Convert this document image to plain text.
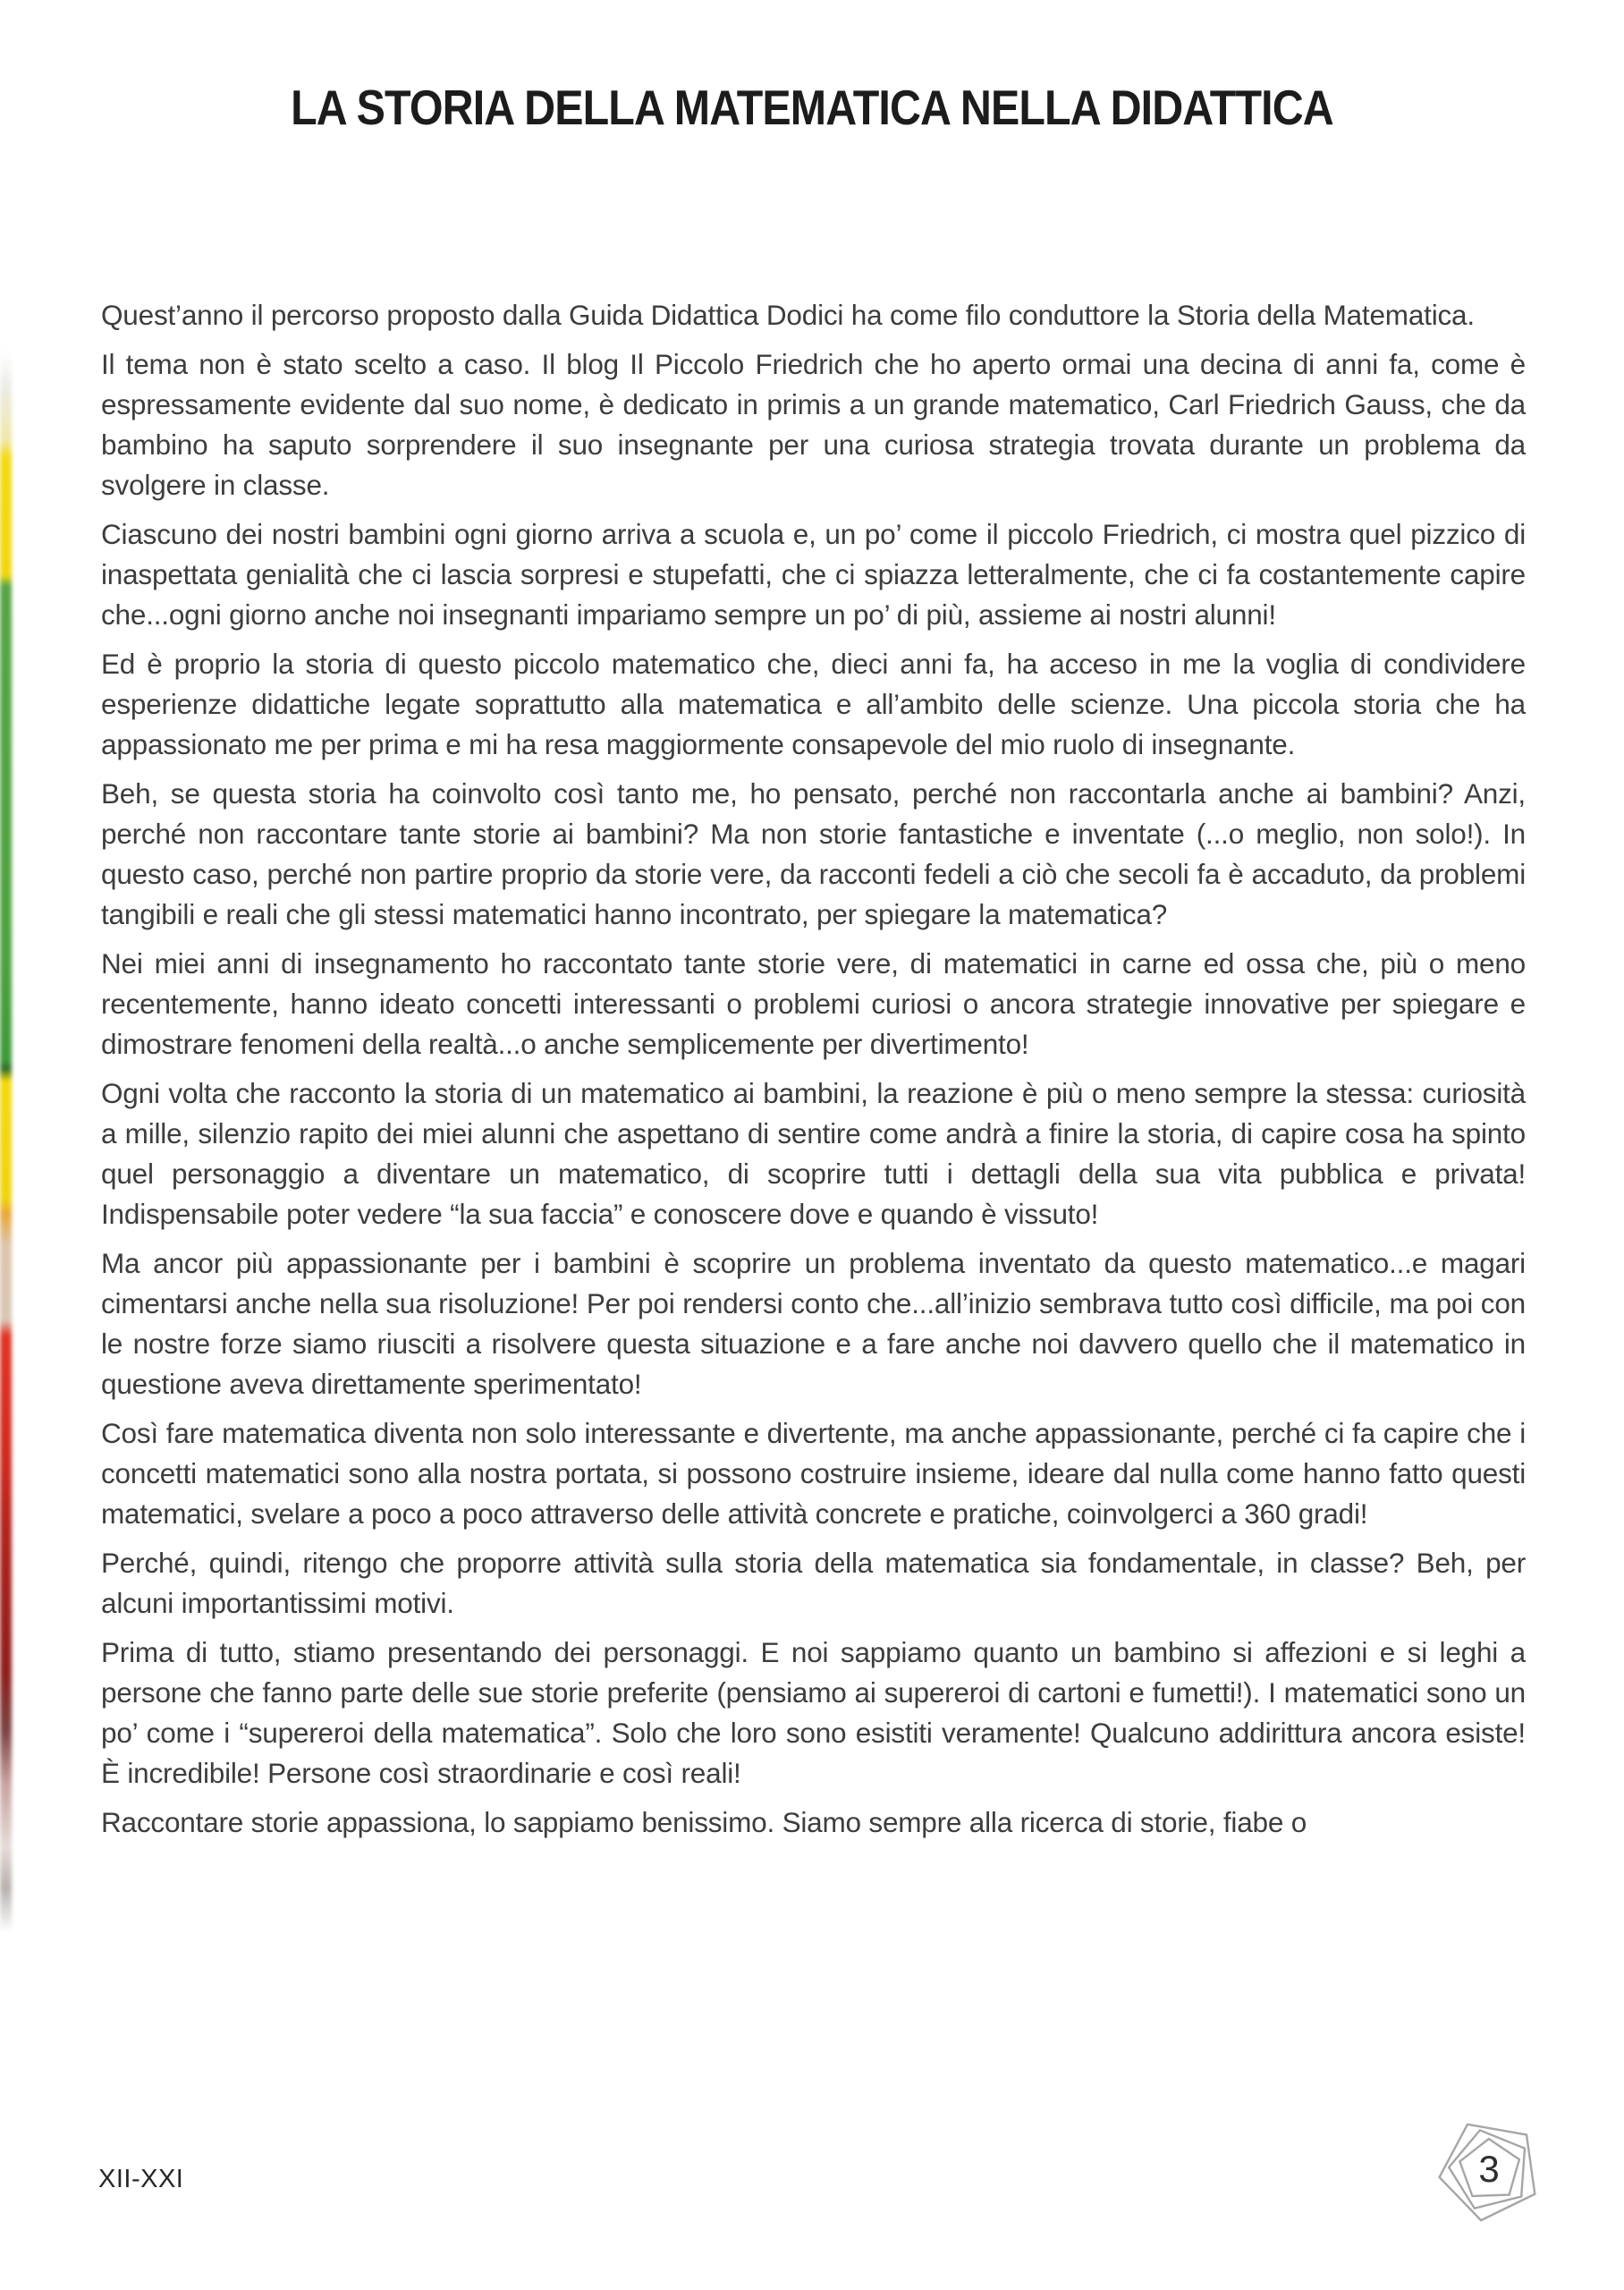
LA STORIA DELLA MATEMATICA NELLA DIDATTICA

Quest’anno il percorso proposto dalla Guida Didattica Dodici ha come filo conduttore la Storia della Matematica.

Il tema non è stato scelto a caso. Il blog Il Piccolo Friedrich che ho aperto ormai una decina di anni fa, come è espressamente evidente dal suo nome, è dedicato in primis a un grande matematico, Carl Friedrich Gauss, che da bambino ha saputo sorprendere il suo insegnante per una curiosa strategia trovata durante un problema da svolgere in classe.

Ciascuno dei nostri bambini ogni giorno arriva a scuola e, un po’ come il piccolo Friedrich, ci mostra quel pizzico di inaspettata genialità che ci lascia sorpresi e stupefatti, che ci spiazza letteralmente, che ci fa costantemente capire che...ogni giorno anche noi insegnanti impariamo sempre un po’ di più, assieme ai nostri alunni!

Ed è proprio la storia di questo piccolo matematico che, dieci anni fa, ha acceso in me la voglia di condividere esperienze didattiche legate soprattutto alla matematica e all’ambito delle scienze. Una piccola storia che ha appassionato me per prima e mi ha resa maggiormente consapevole del mio ruolo di insegnante.

Beh, se questa storia ha coinvolto così tanto me, ho pensato, perché non raccontarla anche ai bambini? Anzi, perché non raccontare tante storie ai bambini? Ma non storie fantastiche e inventate (...o meglio, non solo!). In questo caso, perché non partire proprio da storie vere, da racconti fedeli a ciò che secoli fa è accaduto, da problemi tangibili e reali che gli stessi matematici hanno incontrato, per spiegare la matematica?

Nei miei anni di insegnamento ho raccontato tante storie vere, di matematici in carne ed ossa che, più o meno recentemente, hanno ideato concetti interessanti o problemi curiosi o ancora strategie innovative per spiegare e dimostrare fenomeni della realtà...o anche semplicemente per divertimento!

Ogni volta che racconto la storia di un matematico ai bambini, la reazione è più o meno sempre la stessa: curiosità a mille, silenzio rapito dei miei alunni che aspettano di sentire come andrà a finire la storia, di capire cosa ha spinto quel personaggio a diventare un matematico, di scoprire tutti i dettagli della sua vita pubblica e privata! Indispensabile poter vedere “la sua faccia” e conoscere dove e quando è vissuto!

Ma ancor più appassionante per i bambini è scoprire un problema inventato da questo matematico...e magari cimentarsi anche nella sua risoluzione! Per poi rendersi conto che...all’inizio sembrava tutto così difficile, ma poi con le nostre forze siamo riusciti a risolvere questa situazione e a fare anche noi davvero quello che il matematico in questione aveva direttamente sperimentato!

Così fare matematica diventa non solo interessante e divertente, ma anche appassionante, perché ci fa capire che i concetti matematici sono alla nostra portata, si possono costruire insieme, ideare dal nulla come hanno fatto questi matematici, svelare a poco a poco attraverso delle attività concrete e pratiche, coinvolgerci a 360 gradi!

Perché, quindi, ritengo che proporre attività sulla storia della matematica sia fondamentale, in classe? Beh, per alcuni importantissimi motivi.

Prima di tutto, stiamo presentando dei personaggi. E noi sappiamo quanto un bambino si affezioni e si leghi a persone che fanno parte delle sue storie preferite (pensiamo ai supereroi di cartoni e fumetti!). I matematici sono un po’ come i “supereroi della matematica”. Solo che loro sono esistiti veramente! Qualcuno addirittura ancora esiste! È incredibile! Persone così straordinarie e così reali!

Raccontare storie appassiona, lo sappiamo benissimo. Siamo sempre alla ricerca di storie, fiabe o

XII-XXI	3
